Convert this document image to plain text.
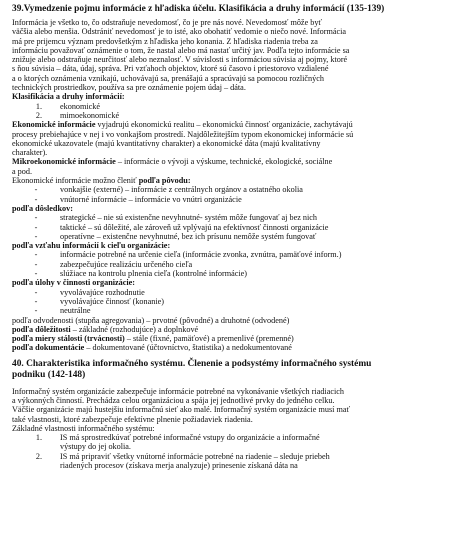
39.Vymedzenie pojmu informácie z hľadiska účelu. Klasifikácia a druhy informácií (135-139)

Informácia je všetko to, čo odstraňuje nevedomosť, čo je pre nás nové. Nevedomosť môže byť

väčšia alebo menšia. Odstrániť nevedomosť je to isté, ako obohatiť vedomie o niečo nové. Informácia

má pre prijemcu význam predovšetkým z hľadiska jeho konania. Z hľadiska riadenia treba za

informáciu považovať oznámenie o tom, že nastal alebo má nastať určitý jav. Podľa tejto informácie sa

znižuje alebo odstraňuje neurčitosť alebo neznalosť. V súvislosti s informáciou súvisia aj pojmy, ktoré

s ňou súvisia – dáta, údaj, správa. Pri vzťahoch objektov, ktoré sú časovo i priestorovo vzdialené

a o ktorých oznámenia vznikajú, uchovávajú sa, prenášajú a spracúvajú sa pomocou rozličných

technických prostriedkov, používa sa pre oznámenie pojem údaj – dáta.

Klasifikácia a druhy informácií:

1.	ekonomické
2.	mimoekonomické

Ekonomické informácie vyjadrujú ekonomickú realitu – ekonomickú činnosť organizácie, zachytávajú

procesy prebiehajúce v nej i vo vonkajšom prostredí. Najdôležitejším typom ekonomickej informácie sú

ekonomické ukazovatele (majú kvantitatívny charakter) a ekonomické dáta (majú kvalitatívny

charakter).

Mikroekonomické informácie – informácie o vývoji a výskume, technické, ekologické, sociálne

a pod.

Ekonomické informácie možno členiť podľa pôvodu:

-	vonkajšie (externé) – informácie z centrálnych orgánov a ostatného okolia
-	vnútorné informácie – informácie vo vnútri organizácie

podľa dôsledkov:

-	strategické – nie sú existenčne nevyhnutné- systém môže fungovať aj bez nich
-	taktické – sú dôležité, ale zároveň už vplývajú na efektívnosť činnosti organizácie
-	operatívne – existenčne nevyhnutné, bez ich prísunu nemôže systém fungovať

podľa vzťahu informácií k cieľu organizácie:

-	informácie potrebné na určenie cieľa (informácie zvonka, zvnútra, pamäťové inform.)
-	zabezpečujúce realizáciu určeného cieľa
-	slúžiace na kontrolu plnenia cieľa (kontrolné informácie)

podľa úlohy v činnosti organizácie:

-	vyvolávajúce rozhodnutie
-	vyvolávajúce činnosť (konanie)
-	neutrálne

podľa odvodenosti (stupňa agregovania) – prvotné (pôvodné) a druhotné (odvodené)

podľa dôležitosti – základné (rozhodujúce) a doplnkové

podľa miery stálosti (trvácnosti) – stále (fixné, pamäťové) a premenlivé (premenné)

podľa dokumentácie – dokumentované (účtovníctvo, štatistika) a nedokumentované

40. Charakteristika informačného systému. Členenie a podsystémy informačného systému

podniku (142-148)

Informačný systém organizácie zabezpečuje informácie potrebné na vykonávanie všetkých riadiacich

a výkonných činností. Prechádza celou organizáciou a spája jej jednotlivé prvky do jedného celku.

Väčšie organizácie majú hustejšiu informačnú sieť ako malé. Informačný systém organizácie musí mať

také vlastnosti, ktoré zabezpečuje efektívne plnenie požiadaviek riadenia.

Základné vlastnosti informačného systému:

1.	IS má sprostredkúvať potrebné informačné vstupy do organizácie a informačné

výstupy do jej okolia.

2.	IS má pripraviť všetky vnútorné informácie potrebné na riadenie – sleduje priebeh

riadených procesov (získava merja analyzuje) prinesenie získaná dáta na
